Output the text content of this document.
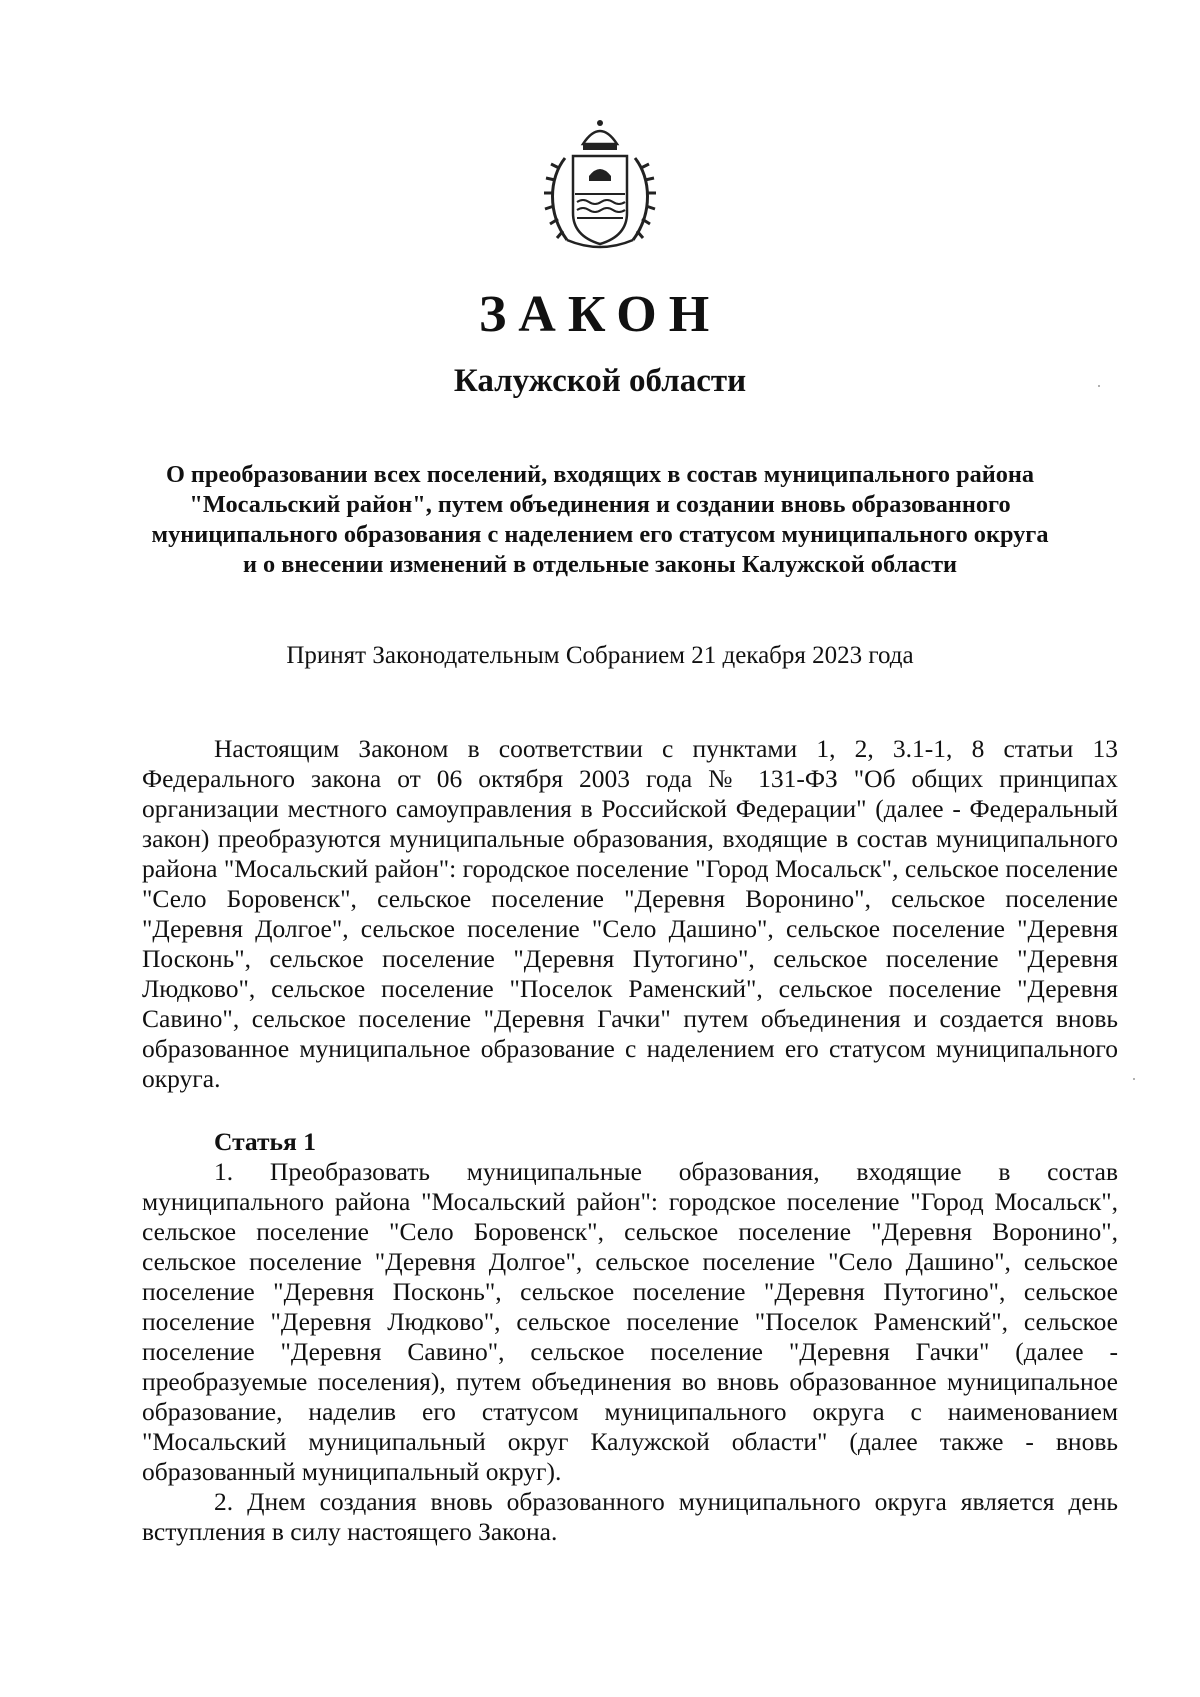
ЗАКОН
Калужской области
О преобразовании всех поселений, входящих в состав муниципального района "Мосальский район", путем объединения и создании вновь образованного муниципального образования с наделением его статусом муниципального округа и о внесении изменений в отдельные законы Калужской области
Принят Законодательным Собранием 21 декабря 2023 года

Настоящим Законом в соответствии с пунктами 1, 2, 3.1-1, 8 статьи 13 Федерального закона от 06 октября 2003 года № 131-ФЗ "Об общих принципах организации местного самоуправления в Российской Федерации" (далее - Федеральный закон) преобразуются муниципальные образования, входящие в состав муниципального района "Мосальский район": городское поселение "Город Мосальск", сельское поселение "Село Боровенск", сельское поселение "Деревня Воронино", сельское поселение "Деревня Долгое", сельское поселение "Село Дашино", сельское поселение "Деревня Посконь", сельское поселение "Деревня Путогино", сельское поселение "Деревня Людково", сельское поселение "Поселок Раменский", сельское поселение "Деревня Савино", сельское поселение "Деревня Гачки" путем объединения и создается вновь образованное муниципальное образование с наделением его статусом муниципального округа.

Статья 1

1. Преобразовать муниципальные образования, входящие в состав муниципального района "Мосальский район": городское поселение "Город Мосальск", сельское поселение "Село Боровенск", сельское поселение "Деревня Воронино", сельское поселение "Деревня Долгое", сельское поселение "Село Дашино", сельское поселение "Деревня Посконь", сельское поселение "Деревня Путогино", сельское поселение "Деревня Людково", сельское поселение "Поселок Раменский", сельское поселение "Деревня Савино", сельское поселение "Деревня Гачки" (далее - преобразуемые поселения), путем объединения во вновь образованное муниципальное образование, наделив его статусом муниципального округа с наименованием "Мосальский муниципальный округ Калужской области" (далее также - вновь образованный муниципальный округ).

2. Днем создания вновь образованного муниципального округа является день вступления в силу настоящего Закона.
